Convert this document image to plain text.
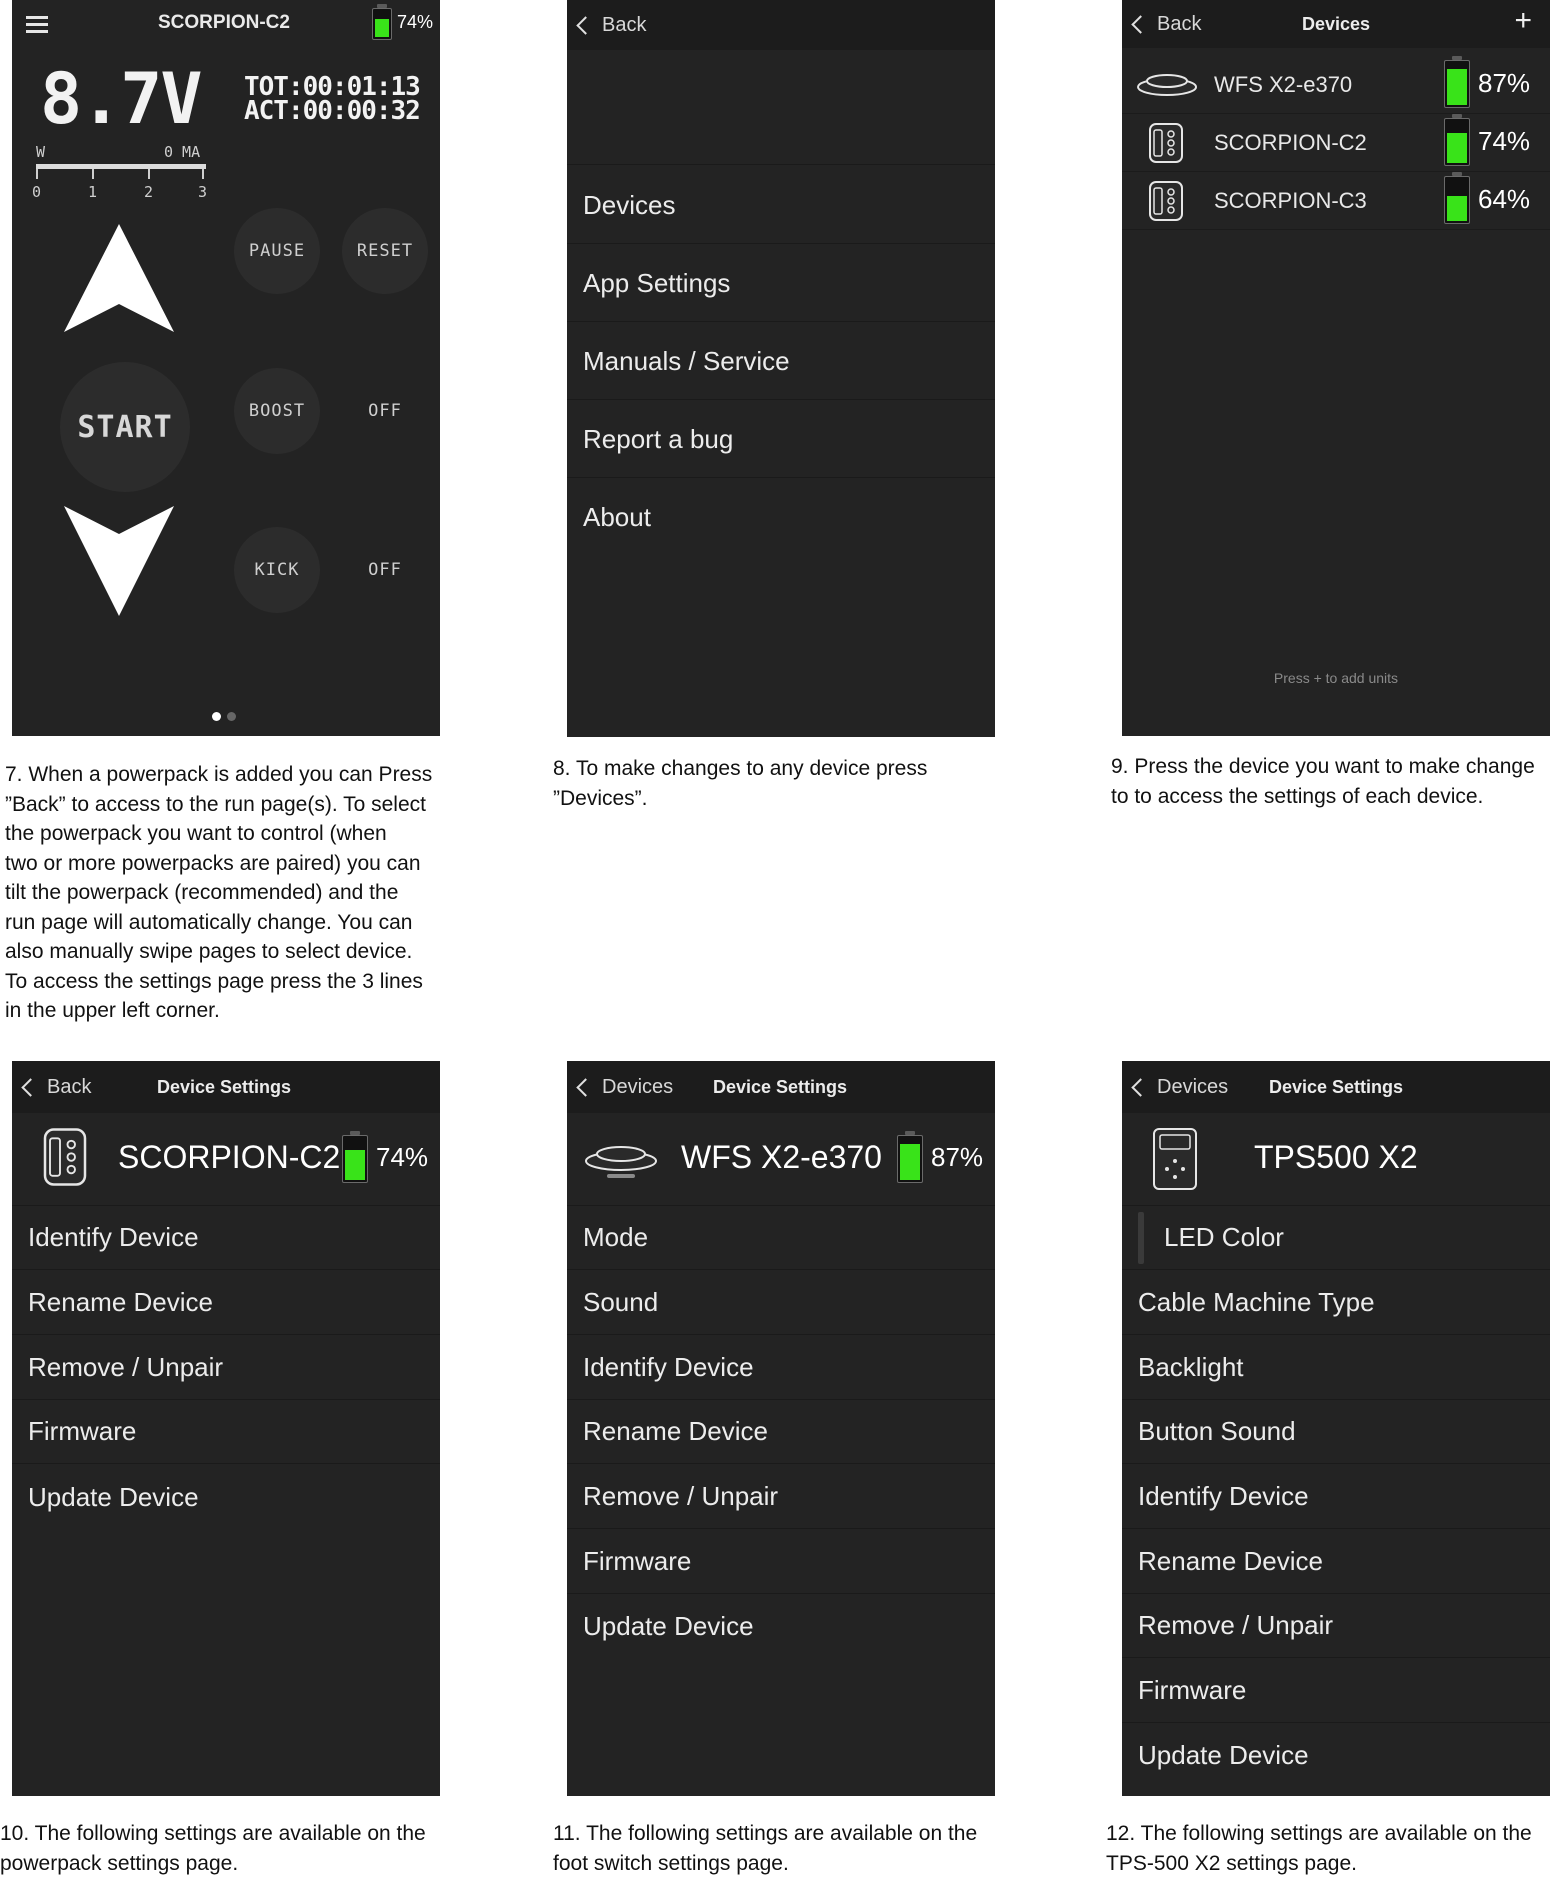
SCORPION-C2	74%
8.7V TOT:00:01:13
ACT:00:00:32
W	0 MA
0	1	2	3
START
PAUSE	RESET
BOOST	OFF
KICK	OFF
Back
Devices
App Settings
Manuals / Service
Report a bug
About
Back	Devices	+
WFS X2-e370	87%
SCORPION-C2	74%
SCORPION-C3	64%
Press + to add units
7. When a powerpack is added you can Press
”Back” to access to the run page(s). To select
the powerpack you want to control (when
two or more powerpacks are paired) you can
tilt the powerpack (recommended) and the
run page will automatically change. You can
also manually swipe pages to select device.
To access the settings page press the 3 lines
in the upper left corner.
8. To make changes to any device press
”Devices”.
9. Press the device you want to make change
to to access the settings of each device.
Back	Device Settings
SCORPION-C2 74%
Identify Device
Rename Device
Remove / Unpair
Firmware
Update Device
Devices Device Settings
WFS X2-e370 87%
Mode
Sound
Identify Device
Rename Device
Remove / Unpair
Firmware
Update Device
Devices Device Settings
TPS500 X2
LED Color
Cable Machine Type
Backlight
Button Sound
Identify Device
Rename Device
Remove / Unpair
Firmware
Update Device
10. The following settings are available on the
powerpack settings page.
11. The following settings are available on the
foot switch settings page.
12. The following settings are available on the
TPS-500 X2 settings page.
